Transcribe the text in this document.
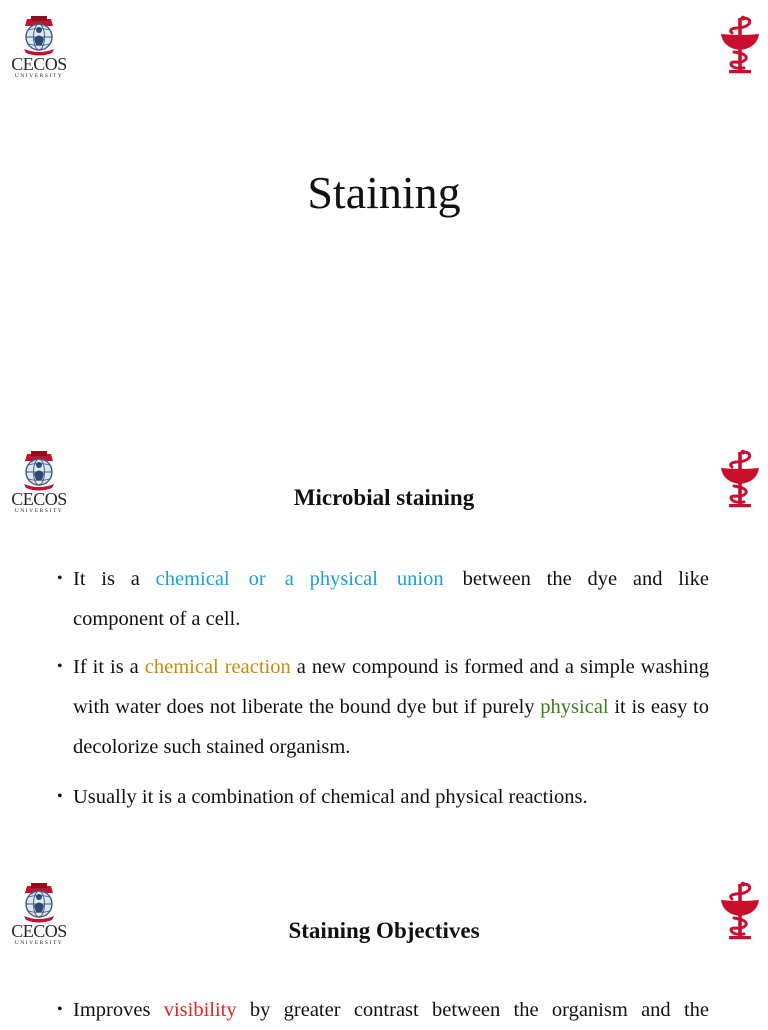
CECOS
UNIVERSITY
Staining
CECOS
UNIVERSITY
Microbial staining
• It is a chemical or a physical union between the dye and like component of a cell.
• If it is a chemical reaction a new compound is formed and a simple washing with water does not liberate the bound dye but if purely physical it is easy to decolorize such stained organism.
• Usually it is a combination of chemical and physical reactions.
CECOS
UNIVERSITY	Staining Objectives
• Improves visibility by greater contrast between the organism and the
